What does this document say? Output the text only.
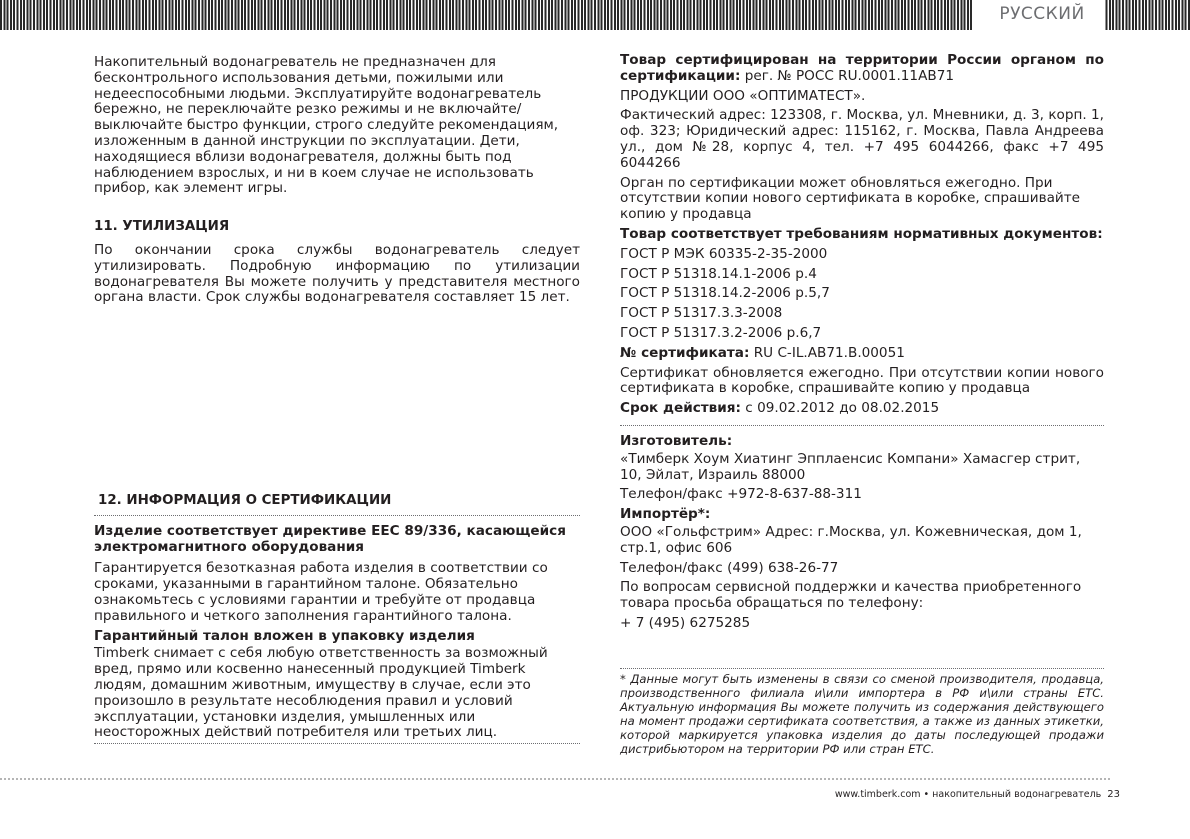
РУССКИЙ

Накопительный водонагреватель не предназначен для бесконтрольного использования детьми, пожилыми или недееспособными людьми. Эксплуатируйте водонагреватель бережно, не переключайте резко режимы и не включайте/выключайте быстро функции, строго следуйте рекомендациям, изложенным в данной инструкции по эксплуатации. Дети, находящиеся вблизи водонагревателя, должны быть под наблюдением взрослых, и ни в коем случае не использовать прибор, как элемент игры.

11. УТИЛИЗАЦИЯ

По окончании срока службы водонагреватель следует утилизировать. Подробную информацию по утилизации водонагревателя Вы можете получить у представителя местного органа власти. Срок службы водонагревателя составляет 15 лет.

12. ИНФОРМАЦИЯ О СЕРТИФИКАЦИИ

Изделие соответствует директиве EEC 89/336, касающейся электромагнитного оборудования

Гарантируется безотказная работа изделия в соответствии со сроками, указанными в гарантийном талоне. Обязательно ознакомьтесь с условиями гарантии и требуйте от продавца правильного и четкого заполнения гарантийного талона.

Гарантийный талон вложен в упаковку изделия

Timberk снимает с себя любую ответственность за возможный вред, прямо или косвенно нанесенный продукцией Timberk людям, домашним животным, имуществу в случае, если это произошло в результате несоблюдения правил и условий эксплуатации, установки изделия, умышленных или неосторожных действий потребителя или третьих лиц.

Товар сертифицирован на территории России органом по сертификации: рег. № РОСС RU.0001.11АВ71

ПРОДУКЦИИ ООО «ОПТИМАТЕСТ».

Фактический адрес: 123308, г. Москва, ул. Мневники, д. 3, корп. 1, оф. 323; Юридический адрес: 115162, г. Москва, Павла Андреева ул., дом №28, корпус 4, тел. +7 495 6044266, факс +7 495 6044266

Орган по сертификации может обновляться ежегодно. При отсутствии копии нового сертификата в коробке, спрашивайте копию у продавца

Товар соответствует требованиям нормативных документов:

ГОСТ Р МЭК 60335-2-35-2000

ГОСТ Р 51318.14.1-2006 р.4

ГОСТ Р 51318.14.2-2006 р.5,7

ГОСТ Р 51317.3.3-2008

ГОСТ Р 51317.3.2-2006 р.6,7

№ сертификата: RU C-IL.AB71.B.00051

Сертификат обновляется ежегодно. При отсутствии копии нового сертификата в коробке, спрашивайте копию у продавца

Срок действия: с 09.02.2012 до 08.02.2015

Изготовитель:

«Тимберк Хоум Хиатинг Эпплаенсис Компани» Хамасгер стрит, 10, Эйлат, Израиль 88000

Телефон/факс +972-8-637-88-311

Импортёр*:

ООО «Гольфстрим» Адрес: г.Москва, ул. Кожевническая, дом 1, стр.1, офис 606

Телефон/факс (499) 638-26-77

По вопросам сервисной поддержки и качества приобретенного товара просьба обращаться по телефону:

+ 7 (495) 6275285

* Данные могут быть изменены в связи со сменой производителя, продавца, производственного филиала и\или импортера в РФ и\или страны ЕТС. Актуальную информация Вы можете получить из содержания действующего на момент продажи сертификата соответствия, а также из данных этикетки, которой маркируется упаковка изделия до даты последующей продажи дистрибьютором на территории РФ или стран ЕТС.
www.timberk.com • накопительный водонагреватель 23
